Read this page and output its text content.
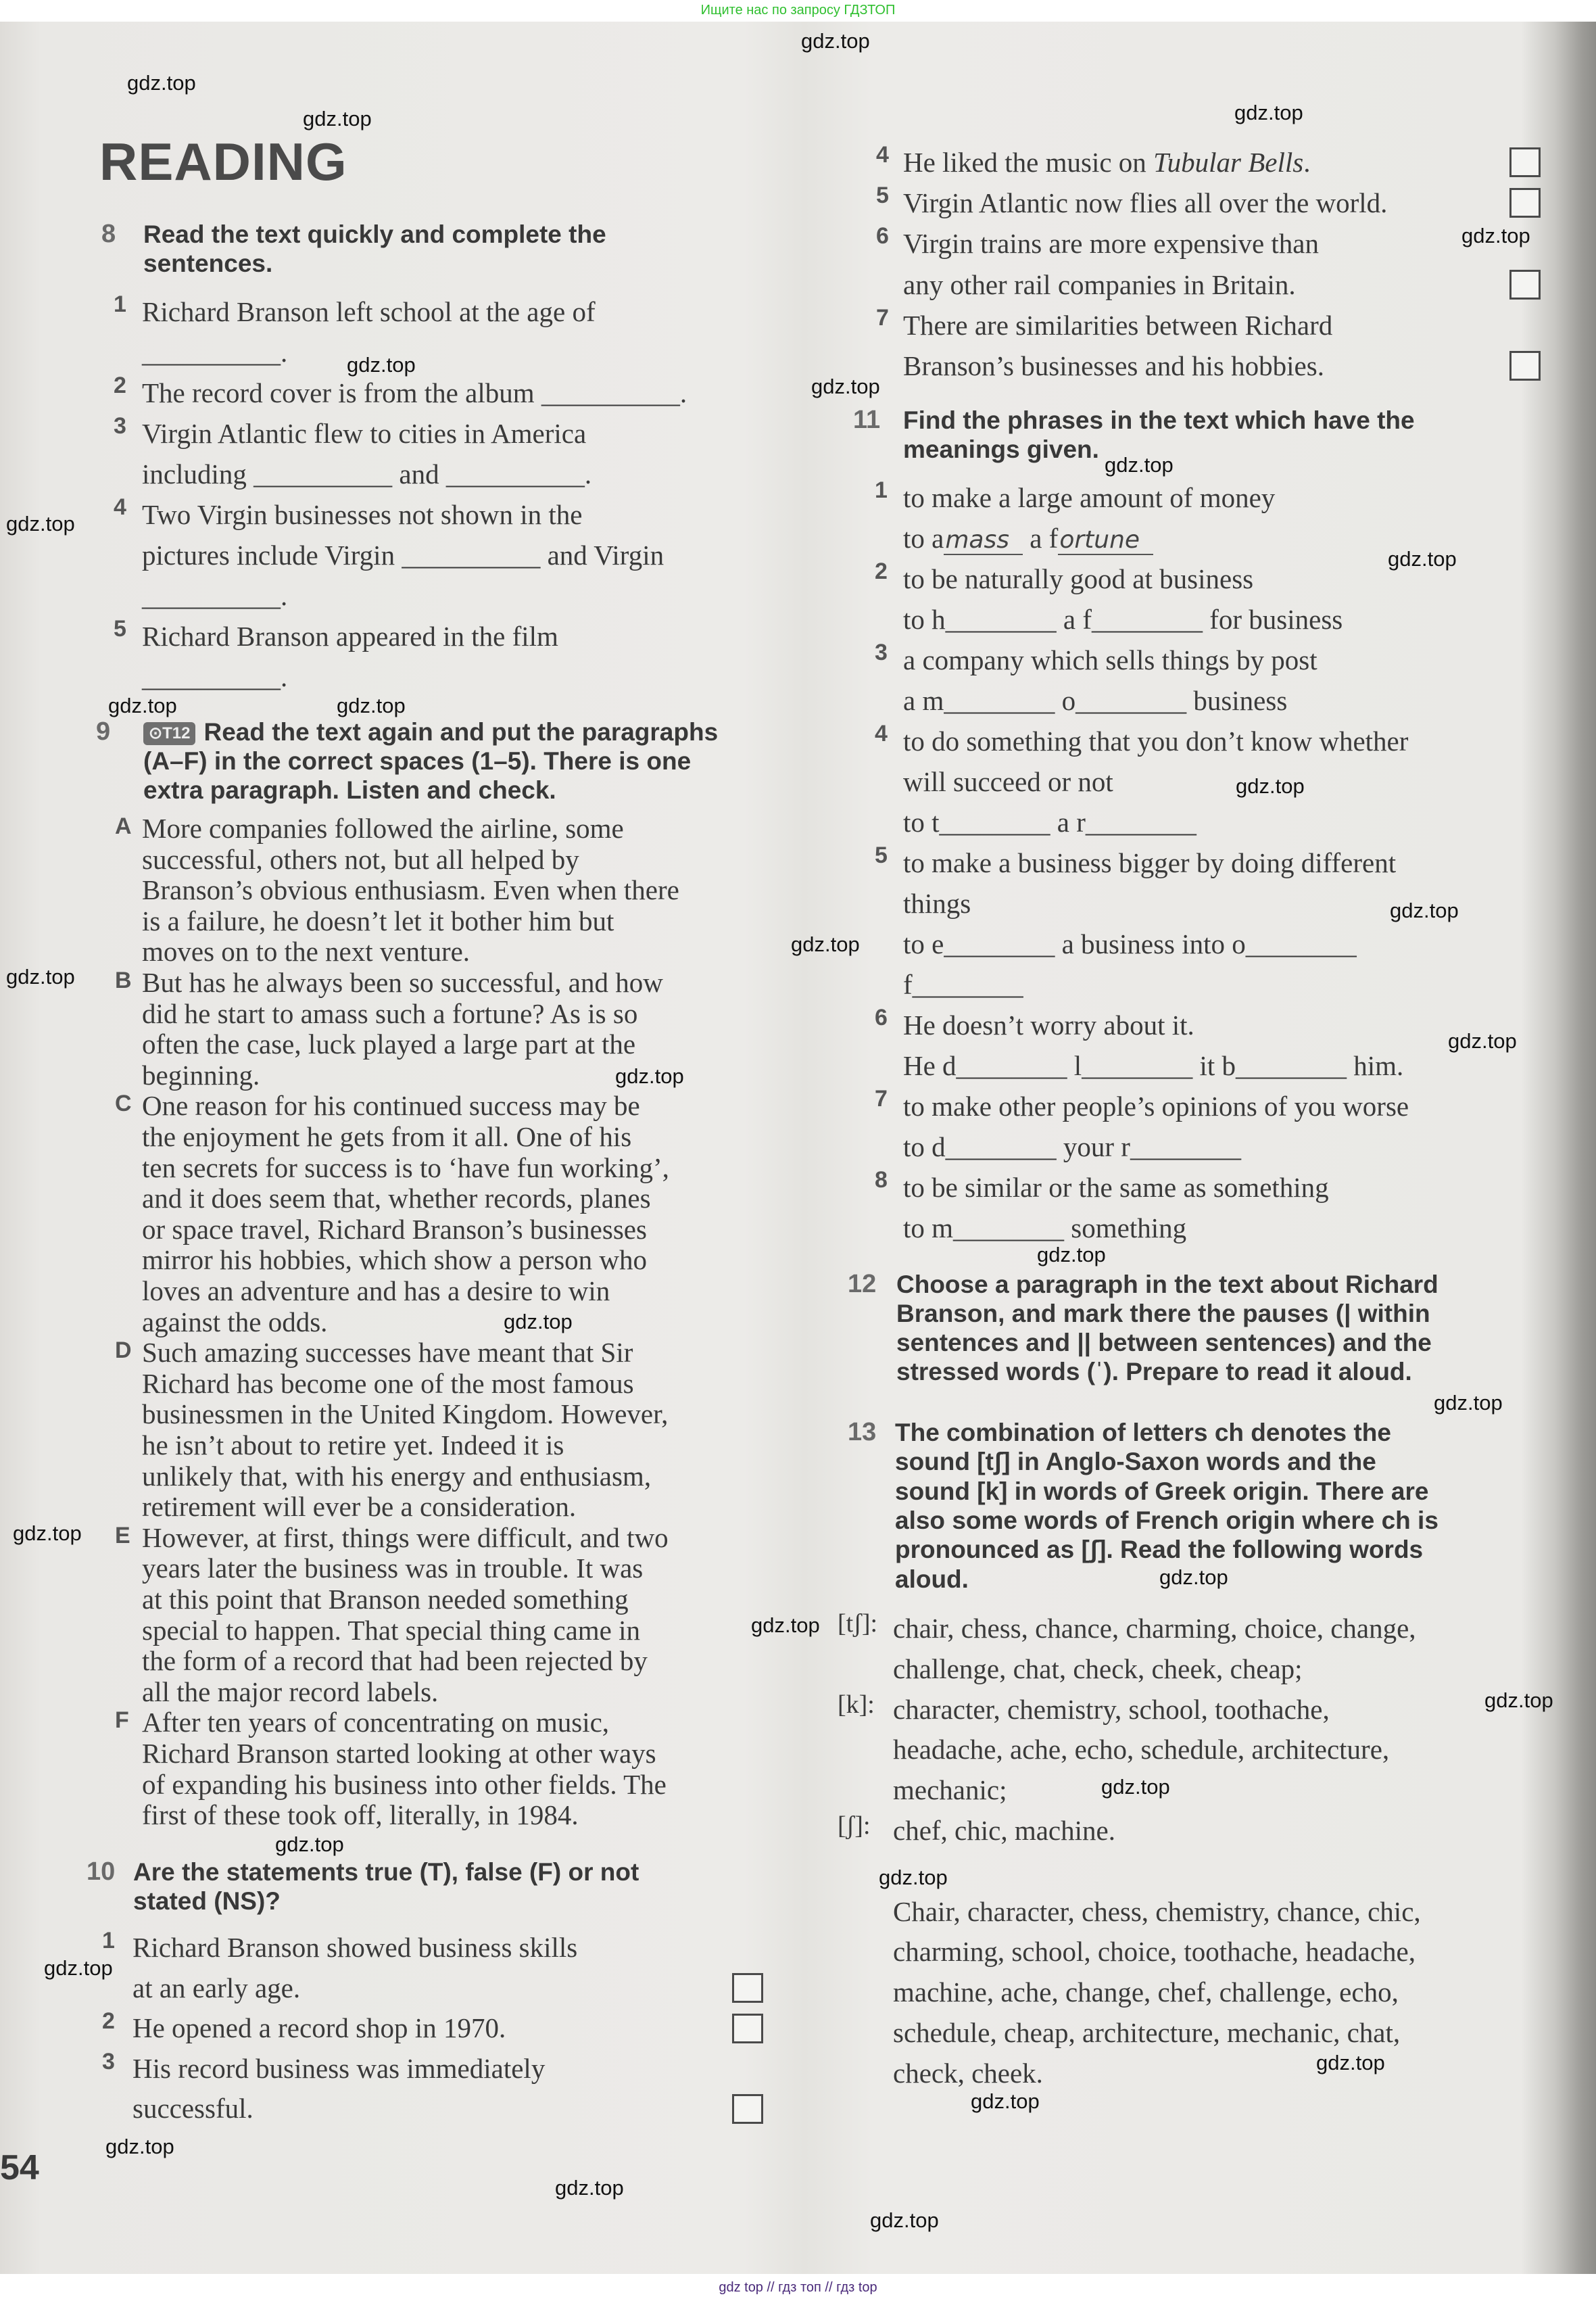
Ищите нас по запросу ГДЗТОП
READING
54
gdz top // гдз топ // гдз top
8 Read the text quickly and complete the
sentences.
1 Richard Branson left school at the age of
__________.
2 The record cover is from the album __________.
3 Virgin Atlantic flew to cities in America
including __________ and __________.
4 Two Virgin businesses not shown in the
pictures include Virgin __________ and Virgin
__________.
5 Richard Branson appeared in the film
__________.
9	⊙T12 Read the text again and put the paragraphs
(A–F) in the correct spaces (1–5). There is one
extra paragraph. Listen and check.
A More companies followed the airline, some
successful, others not, but all helped by
Branson’s obvious enthusiasm. Even when there
is a failure, he doesn’t let it bother him but
moves on to the next venture.
B But has he always been so successful, and how
did he start to amass such a fortune? As is so
often the case, luck played a large part at the
beginning.
C One reason for his continued success may be
the enjoyment he gets from it all. One of his
ten secrets for success is to ‘have fun working’,
and it does seem that, whether records, planes
or space travel, Richard Branson’s businesses
mirror his hobbies, which show a person who
loves an adventure and has a desire to win
against the odds.
D Such amazing successes have meant that Sir
Richard has become one of the most famous
businessmen in the United Kingdom. However,
he isn’t about to retire yet. Indeed it is
unlikely that, with his energy and enthusiasm,
retirement will ever be a consideration.
E However, at first, things were difficult, and two
years later the business was in trouble. It was
at this point that Branson needed something
special to happen. That special thing came in
the form of a record that had been rejected by
all the major record labels.
F After ten years of concentrating on music,
Richard Branson started looking at other ways
of expanding his business into other fields. The
first of these took off, literally, in 1984.
10 Are the statements true (T), false (F) or not
stated (NS)?
1 Richard Branson showed business skills
at an early age.
2 He opened a record shop in 1970.
3 His record business was immediately
successful.
4 He liked the music on Tubular Bells.
5 Virgin Atlantic now flies all over the world.
6 Virgin trains are more expensive than
any other rail companies in Britain.
7 There are similarities between Richard
Branson’s businesses and his hobbies.
11 Find the phrases in the text which have the
meanings given.
1 to make a large amount of money
to amass a fortune
2 to be naturally good at business
to h________ a f________ for business
3 a company which sells things by post
a m________ o________ business
4 to do something that you don’t know whether
will succeed or not
to t________ a r________
5 to make a business bigger by doing different
things
to e________ a business into o________
f________
6 He doesn’t worry about it.
He d________ l________ it b________ him.
7 to make other people’s opinions of you worse
to d________ your r________
8 to be similar or the same as something
to m________ something
12 Choose a paragraph in the text about Richard
Branson, and mark there the pauses (| within
sentences and || between sentences) and the
stressed words (ˈ). Prepare to read it aloud.
13 The combination of letters ch denotes the
sound [tʃ] in Anglo-Saxon words and the
sound [k] in words of Greek origin. There are
also some words of French origin where ch is
pronounced as [ʃ]. Read the following words
aloud.
[tʃ]: chair, chess, chance, charming, choice, change,
challenge, chat, check, cheek, cheap;
[k]: character, chemistry, school, toothache,
headache, ache, echo, schedule, architecture,
mechanic;
[ʃ]: chef, chic, machine.
Chair, character, chess, chemistry, chance, chic,
charming, school, choice, toothache, headache,
machine, ache, change, chef, challenge, echo,
schedule, cheap, architecture, mechanic, chat,
check, cheek.
gdz.top
gdz.top
gdz.top
gdz.top
gdz.top
gdz.top
gdz.top
gdz.top
gdz.top
gdz.top
gdz.top	gdz.top
gdz.top
gdz.top
gdz.top
gdz.top
gdz.top
gdz.top
gdz.top
gdz.top
gdz.top
gdz.top
gdz.top
gdz.top
gdz.top
gdz.top
gdz.top
gdz.top
gdz.top
gdz.top
gdz.top
gdz.top
gdz.top
gdz.top
